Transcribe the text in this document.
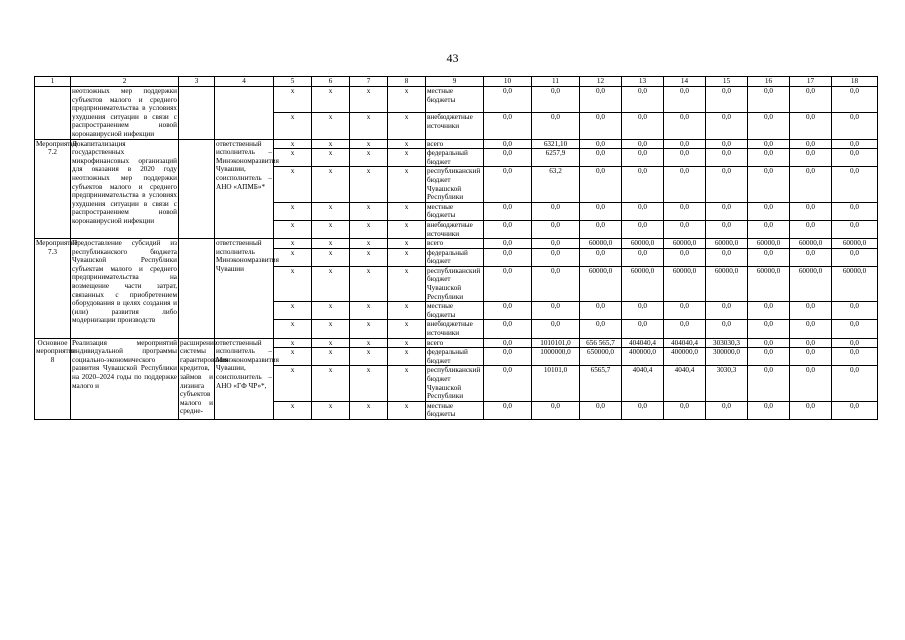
43
1	2	3	4	5	6	7	8	9	10	11	12	13	14	15	16	17	18
	неотложных мер поддержки субъектов малого и среднего предпринимательства в условиях ухудшения ситуации в связи с распространением новой коронавирусной инфекции			х	х	х	х	местные бюджеты	0,0	0,0	0,0	0,0	0,0	0,0	0,0	0,0	0,0
				х	х	х	х	внебюджетные источники	0,0	0,0	0,0	0,0	0,0	0,0	0,0	0,0	0,0
Мероприятие 7.2	Докапитализация государственных микрофинансовых организаций для оказания в 2020 году неотложных мер поддержки субъектов малого и среднего предпринимательства в условиях ухудшения ситуации в связи с распространением новой коронавирусной инфекции		ответственный исполнитель – Минэкономразвития Чувашии, соисполнитель – АНО «АПМБ»*	х	х	х	х	всего	0,0	6321,10	0,0	0,0	0,0	0,0	0,0	0,0	0,0
				х	х	х	х	федеральный бюджет	0,0	6257,9	0,0	0,0	0,0	0,0	0,0	0,0	0,0
				х	х	х	х	республиканский бюджет Чувашской Республики	0,0	63,2	0,0	0,0	0,0	0,0	0,0	0,0	0,0
				х	х	х	х	местные бюджеты	0,0	0,0	0,0	0,0	0,0	0,0	0,0	0,0	0,0
				х	х	х	х	внебюджетные источники	0,0	0,0	0,0	0,0	0,0	0,0	0,0	0,0	0,0
Мероприятие 7.3	Предоставление субсидий из республиканского бюджета Чувашской Республики субъектам малого и среднего предпринимательства на возмещение части затрат, связанных с приобретением оборудования в целях создания и (или) развития либо модернизации производств		ответственный исполнитель Минэкономразвития Чувашии	х	х	х	х	всего	0,0	0,0	60000,0	60000,0	60000,0	60000,0	60000,0	60000,0	60000,0
				х	х	х	х	федеральный бюджет	0,0	0,0	0,0	0,0	0,0	0,0	0,0	0,0	0,0
				х	х	х	х	республиканский бюджет Чувашской Республики	0,0	0,0	60000,0	60000,0	60000,0	60000,0	60000,0	60000,0	60000,0
				х	х	х	х	местные бюджеты	0,0	0,0	0,0	0,0	0,0	0,0	0,0	0,0	0,0
				х	х	х	х	внебюджетные источники	0,0	0,0	0,0	0,0	0,0	0,0	0,0	0,0	0,0
Основное мероприятие 8	Реализация мероприятий индивидуальной программы социально-экономического развития Чувашской Республики на 2020–2024 годы по поддержке малого и	расширение системы гарантирования кредитов, займов и лизинга субъектов малого и средне-	ответственный исполнитель – Минэкономразвития Чувашии, соисполнитель – АНО «ГФ ЧР»*,	х	х	х	х	всего	0,0	1010101,0	656 565,7	404040,4	404040,4	303030,3	0,0	0,0	0,0
				х	х	х	х	федеральный бюджет	0,0	1000000,0	650000,0	400000,0	400000,0	300000,0	0,0	0,0	0,0
				х	х	х	х	республиканский бюджет Чувашской Республики	0,0	10101,0	6565,7	4040,4	4040,4	3030,3	0,0	0,0	0,0
				х	х	х	х	местные бюджеты	0,0	0,0	0,0	0,0	0,0	0,0	0,0	0,0	0,0
